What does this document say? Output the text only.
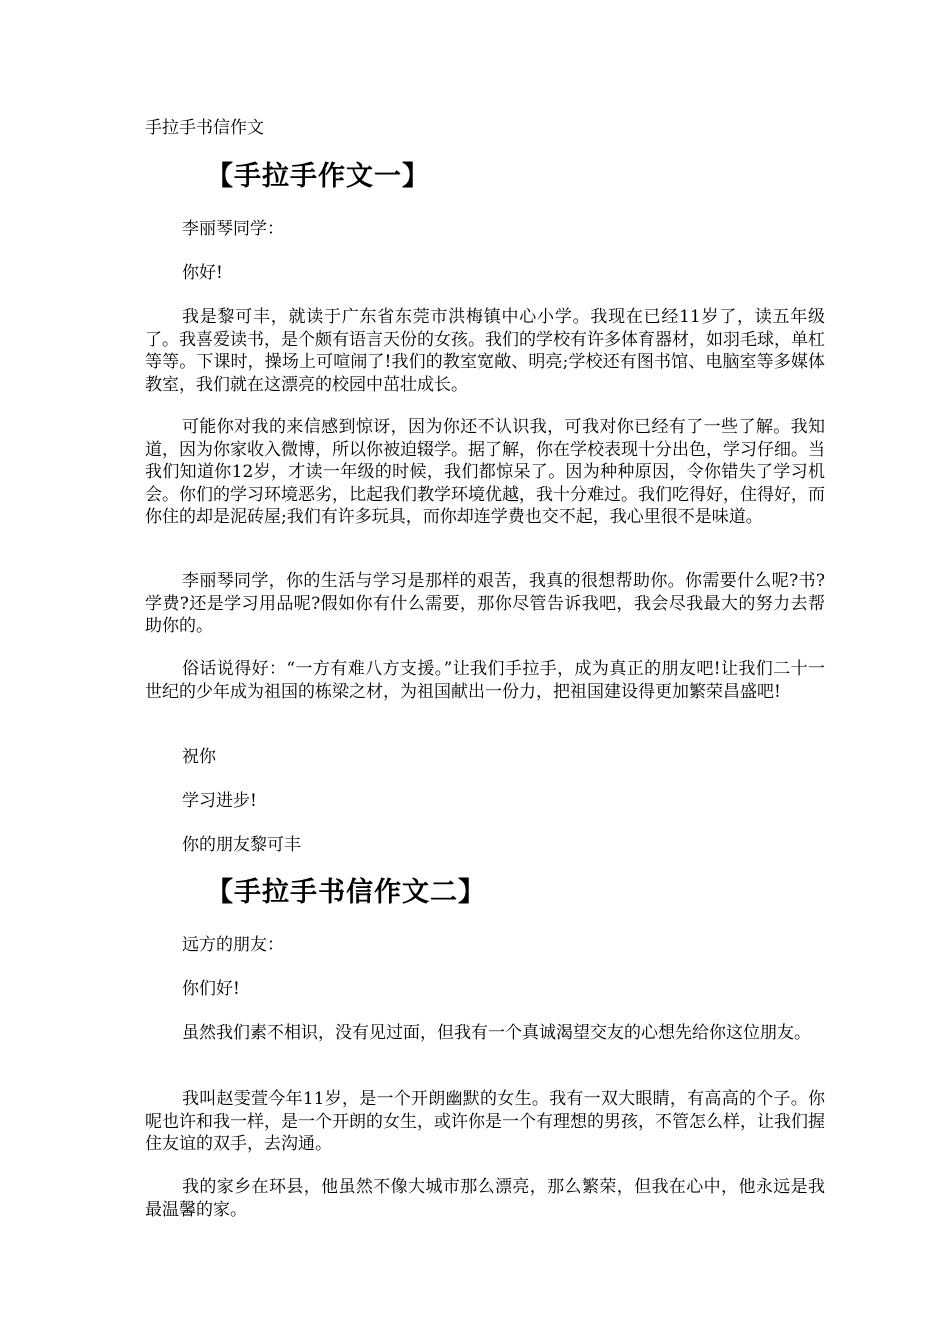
手拉手书信作文
【手拉手作文一】
李丽琴同学：
你好!
我是黎可丰，就读于广东省东莞市洪梅镇中心小学。我现在已经11岁了，读五年级了。我喜爱读书，是个颇有语言天份的女孩。我们的学校有许多体育器材，如羽毛球，单杠等等。下课时，操场上可喧闹了!我们的教室宽敞、明亮;学校还有图书馆、电脑室等多媒体教室，我们就在这漂亮的校园中茁壮成长。
可能你对我的来信感到惊讶，因为你还不认识我，可我对你已经有了一些了解。我知道，因为你家收入微博，所以你被迫辍学。据了解，你在学校表现十分出色，学习仔细。当我们知道你12岁，才读一年级的时候，我们都惊呆了。因为种种原因，令你错失了学习机会。你们的学习环境恶劣，比起我们教学环境优越，我十分难过。我们吃得好，住得好，而你住的却是泥砖屋;我们有许多玩具，而你却连学费也交不起，我心里很不是味道。
李丽琴同学，你的生活与学习是那样的艰苦，我真的很想帮助你。你需要什么呢?书?学费?还是学习用品呢?假如你有什么需要，那你尽管告诉我吧，我会尽我最大的努力去帮助你的。
俗话说得好：“一方有难八方支援。”让我们手拉手，成为真正的朋友吧!让我们二十一世纪的少年成为祖国的栋梁之材，为祖国献出一份力，把祖国建设得更加繁荣昌盛吧!
祝你
学习进步!
你的朋友黎可丰
【手拉手书信作文二】
远方的朋友：
你们好!
虽然我们素不相识，没有见过面，但我有一个真诚渴望交友的心想先给你这位朋友。
我叫赵雯萱今年11岁，是一个开朗幽默的女生。我有一双大眼睛，有高高的个子。你呢也许和我一样，是一个开朗的女生，或许你是一个有理想的男孩，不管怎么样，让我们握住友谊的双手，去沟通。
我的家乡在环县，他虽然不像大城市那么漂亮，那么繁荣，但我在心中，他永远是我最温馨的家。
